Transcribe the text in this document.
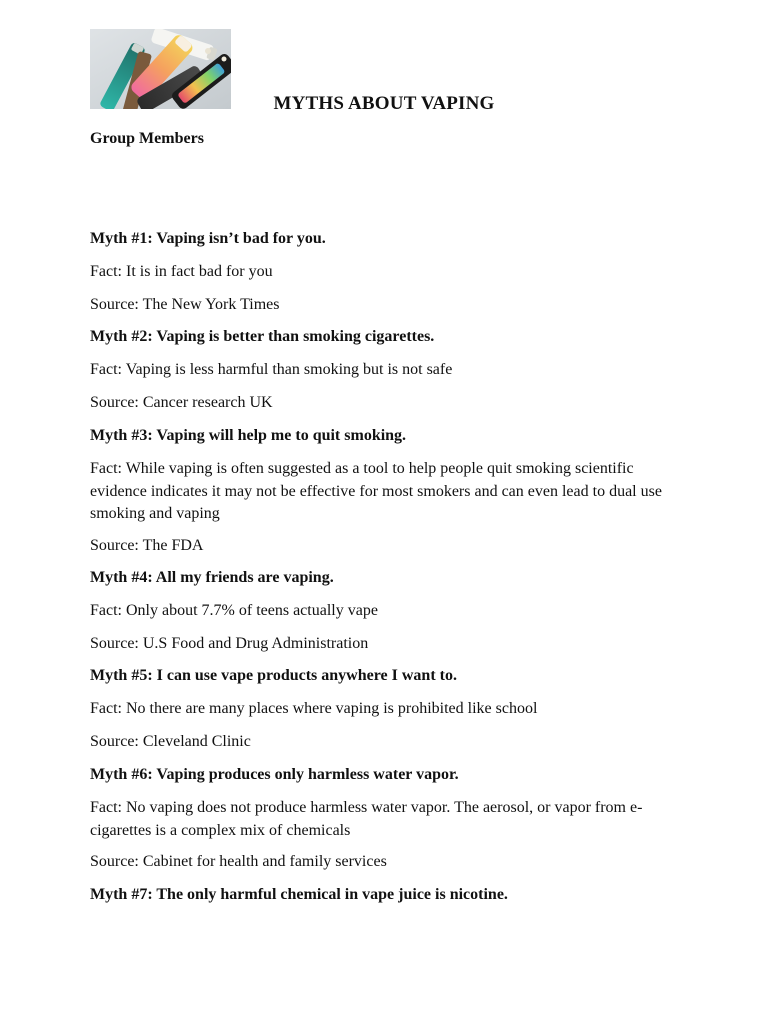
MYTHS ABOUT VAPING

Group Members

Myth #1: Vaping isn’t bad for you.

Fact: It is in fact bad for you

Source: The New York Times

Myth #2: Vaping is better than smoking cigarettes.

Fact: Vaping is less harmful than smoking but is not safe

Source: Cancer research UK

Myth #3: Vaping will help me to quit smoking.

Fact: While vaping is often suggested as a tool to help people quit smoking scientific evidence indicates it may not be effective for most smokers and can even lead to dual use smoking and vaping

Source: The FDA

Myth #4: All my friends are vaping.

Fact: Only about 7.7% of teens actually vape

Source: U.S Food and Drug Administration

Myth #5: I can use vape products anywhere I want to.

Fact: No there are many places where vaping is prohibited like school

Source: Cleveland Clinic

Myth #6: Vaping produces only harmless water vapor.

Fact: No vaping does not produce harmless water vapor. The aerosol, or vapor from e-cigarettes is a complex mix of chemicals

Source: Cabinet for health and family services

Myth #7: The only harmful chemical in vape juice is nicotine.
